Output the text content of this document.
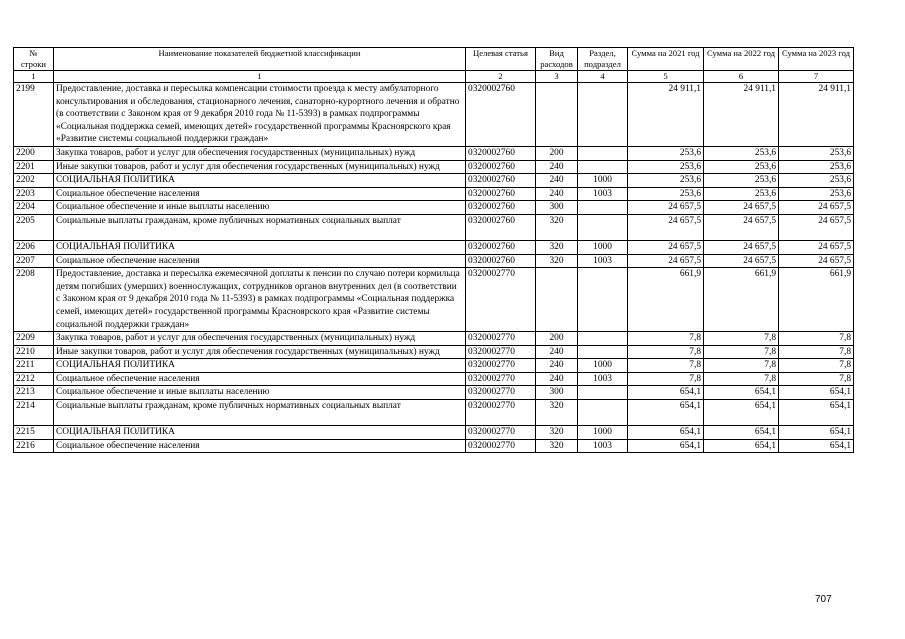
№ строки	Наименование показателей бюджетной классификации	Целевая статья	Вид расходов	Раздел, подраздел	Сумма на 2021 год	Сумма на 2022 год	Сумма на 2023 год
1	1	2	3	4	5	6	7
2199	Предоставление, доставка и пересылка компенсации стоимости проезда к месту амбулаторного консультирования и обследования, стационарного лечения, санаторно-курортного лечения и обратно (в соответствии с Законом края от 9 декабря 2010 года № 11-5393) в рамках подпрограммы «Социальная поддержка семей, имеющих детей» государственной программы Красноярского края «Развитие системы социальной поддержки граждан»	0320002760			24 911,1	24 911,1	24 911,1
2200	Закупка товаров, работ и услуг для обеспечения государственных (муниципальных) нужд	0320002760	200		253,6	253,6	253,6
2201	Иные закупки товаров, работ и услуг для обеспечения государственных (муниципальных) нужд	0320002760	240		253,6	253,6	253,6
2202	СОЦИАЛЬНАЯ ПОЛИТИКА	0320002760	240	1000	253,6	253,6	253,6
2203	Социальное обеспечение населения	0320002760	240	1003	253,6	253,6	253,6
2204	Социальное обеспечение и иные выплаты населению	0320002760	300		24 657,5	24 657,5	24 657,5
2205	Социальные выплаты гражданам, кроме публичных нормативных социальных выплат	0320002760	320		24 657,5	24 657,5	24 657,5
2206	СОЦИАЛЬНАЯ ПОЛИТИКА	0320002760	320	1000	24 657,5	24 657,5	24 657,5
2207	Социальное обеспечение населения	0320002760	320	1003	24 657,5	24 657,5	24 657,5
2208	Предоставление, доставка и пересылка ежемесячной доплаты к пенсии по случаю потери кормильца детям погибших (умерших) военнослужащих, сотрудников органов внутренних дел (в соответствии с Законом края от 9 декабря 2010 года № 11-5393) в рамках подпрограммы «Социальная поддержка семей, имеющих детей» государственной программы Красноярского края «Развитие системы социальной поддержки граждан»	0320002770			661,9	661,9	661,9
2209	Закупка товаров, работ и услуг для обеспечения государственных (муниципальных) нужд	0320002770	200		7,8	7,8	7,8
2210	Иные закупки товаров, работ и услуг для обеспечения государственных (муниципальных) нужд	0320002770	240		7,8	7,8	7,8
2211	СОЦИАЛЬНАЯ ПОЛИТИКА	0320002770	240	1000	7,8	7,8	7,8
2212	Социальное обеспечение населения	0320002770	240	1003	7,8	7,8	7,8
2213	Социальное обеспечение и иные выплаты населению	0320002770	300		654,1	654,1	654,1
2214	Социальные выплаты гражданам, кроме публичных нормативных социальных выплат	0320002770	320		654,1	654,1	654,1
2215	СОЦИАЛЬНАЯ ПОЛИТИКА	0320002770	320	1000	654,1	654,1	654,1
2216	Социальное обеспечение населения	0320002770	320	1003	654,1	654,1	654,1
707
